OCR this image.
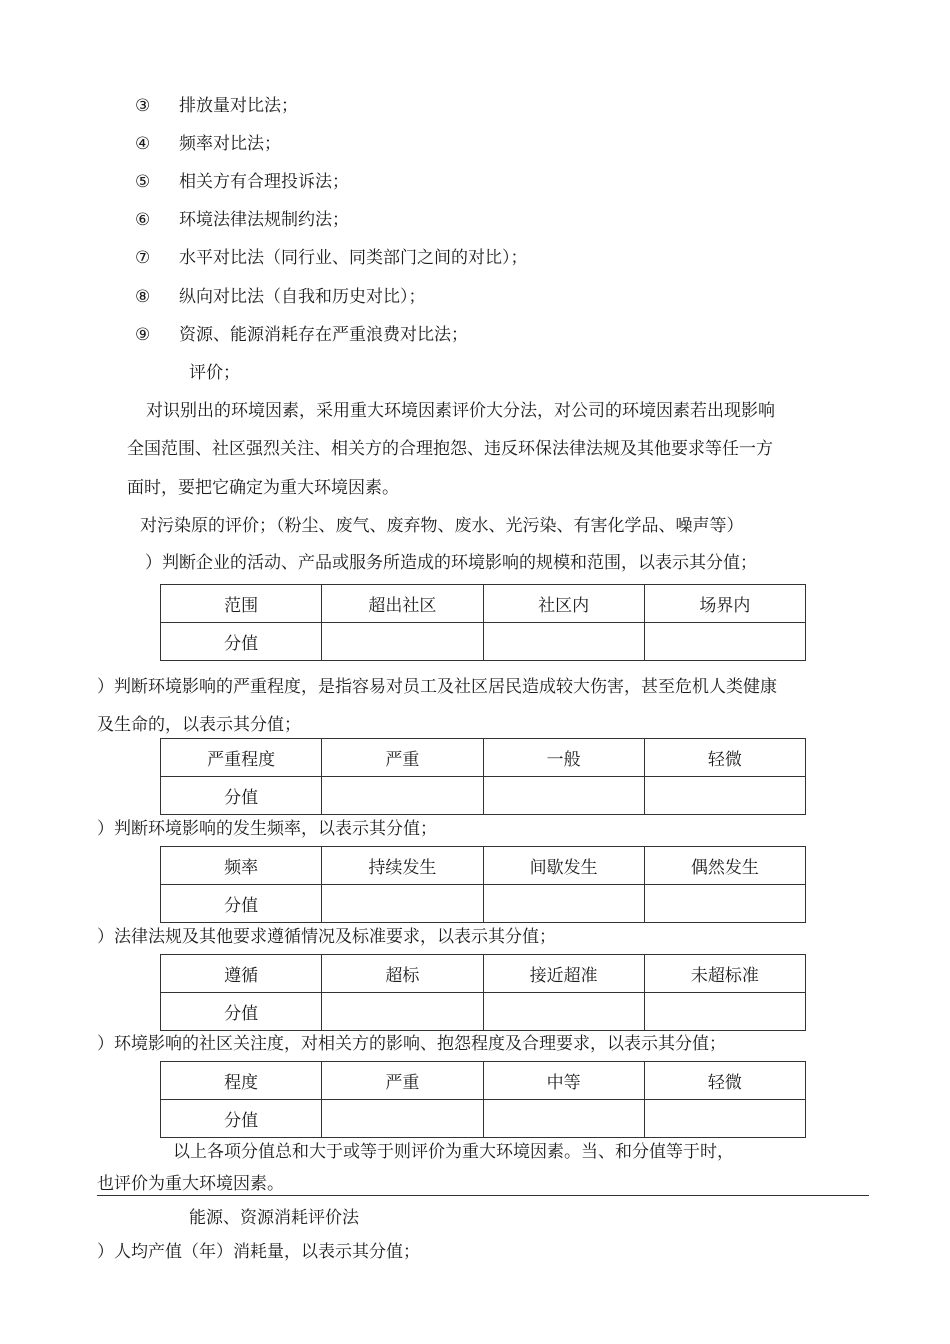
③ 排放量对比法；
④ 频率对比法；
⑤ 相关方有合理投诉法；
⑥ 环境法律法规制约法；
⑦ 水平对比法（同行业、同类部门之间的对比）；
⑧ 纵向对比法（自我和历史对比）；
⑨ 资源、能源消耗存在严重浪费对比法；
评价；
对识别出的环境因素，采用重大环境因素评价大分法，对公司的环境因素若出现影响
全国范围、社区强烈关注、相关方的合理抱怨、违反环保法律法规及其他要求等任一方
面时，要把它确定为重大环境因素。
对污染原的评价；（粉尘、废气、废弃物、废水、光污染、有害化学品、噪声等）
）判断企业的活动、产品或服务所造成的环境影响的规模和范围，以表示其分值；
范围	超出社区	社区内	场界内
分值			
）判断环境影响的严重程度，是指容易对员工及社区居民造成较大伤害，甚至危机人类健康
及生命的，以表示其分值；
严重程度	严重	一般	轻微
分值			
）判断环境影响的发生频率，以表示其分值；
频率	持续发生	间歇发生	偶然发生
分值			
）法律法规及其他要求遵循情况及标准要求，以表示其分值；
遵循	超标	接近超准	未超标准
分值			
）环境影响的社区关注度，对相关方的影响、抱怨程度及合理要求，以表示其分值；
程度	严重	中等	轻微
分值			
以上各项分值总和大于或等于则评价为重大环境因素。当、和分值等于时，
也评价为重大环境因素。
能源、资源消耗评价法
）人均产值（年）消耗量，以表示其分值；
